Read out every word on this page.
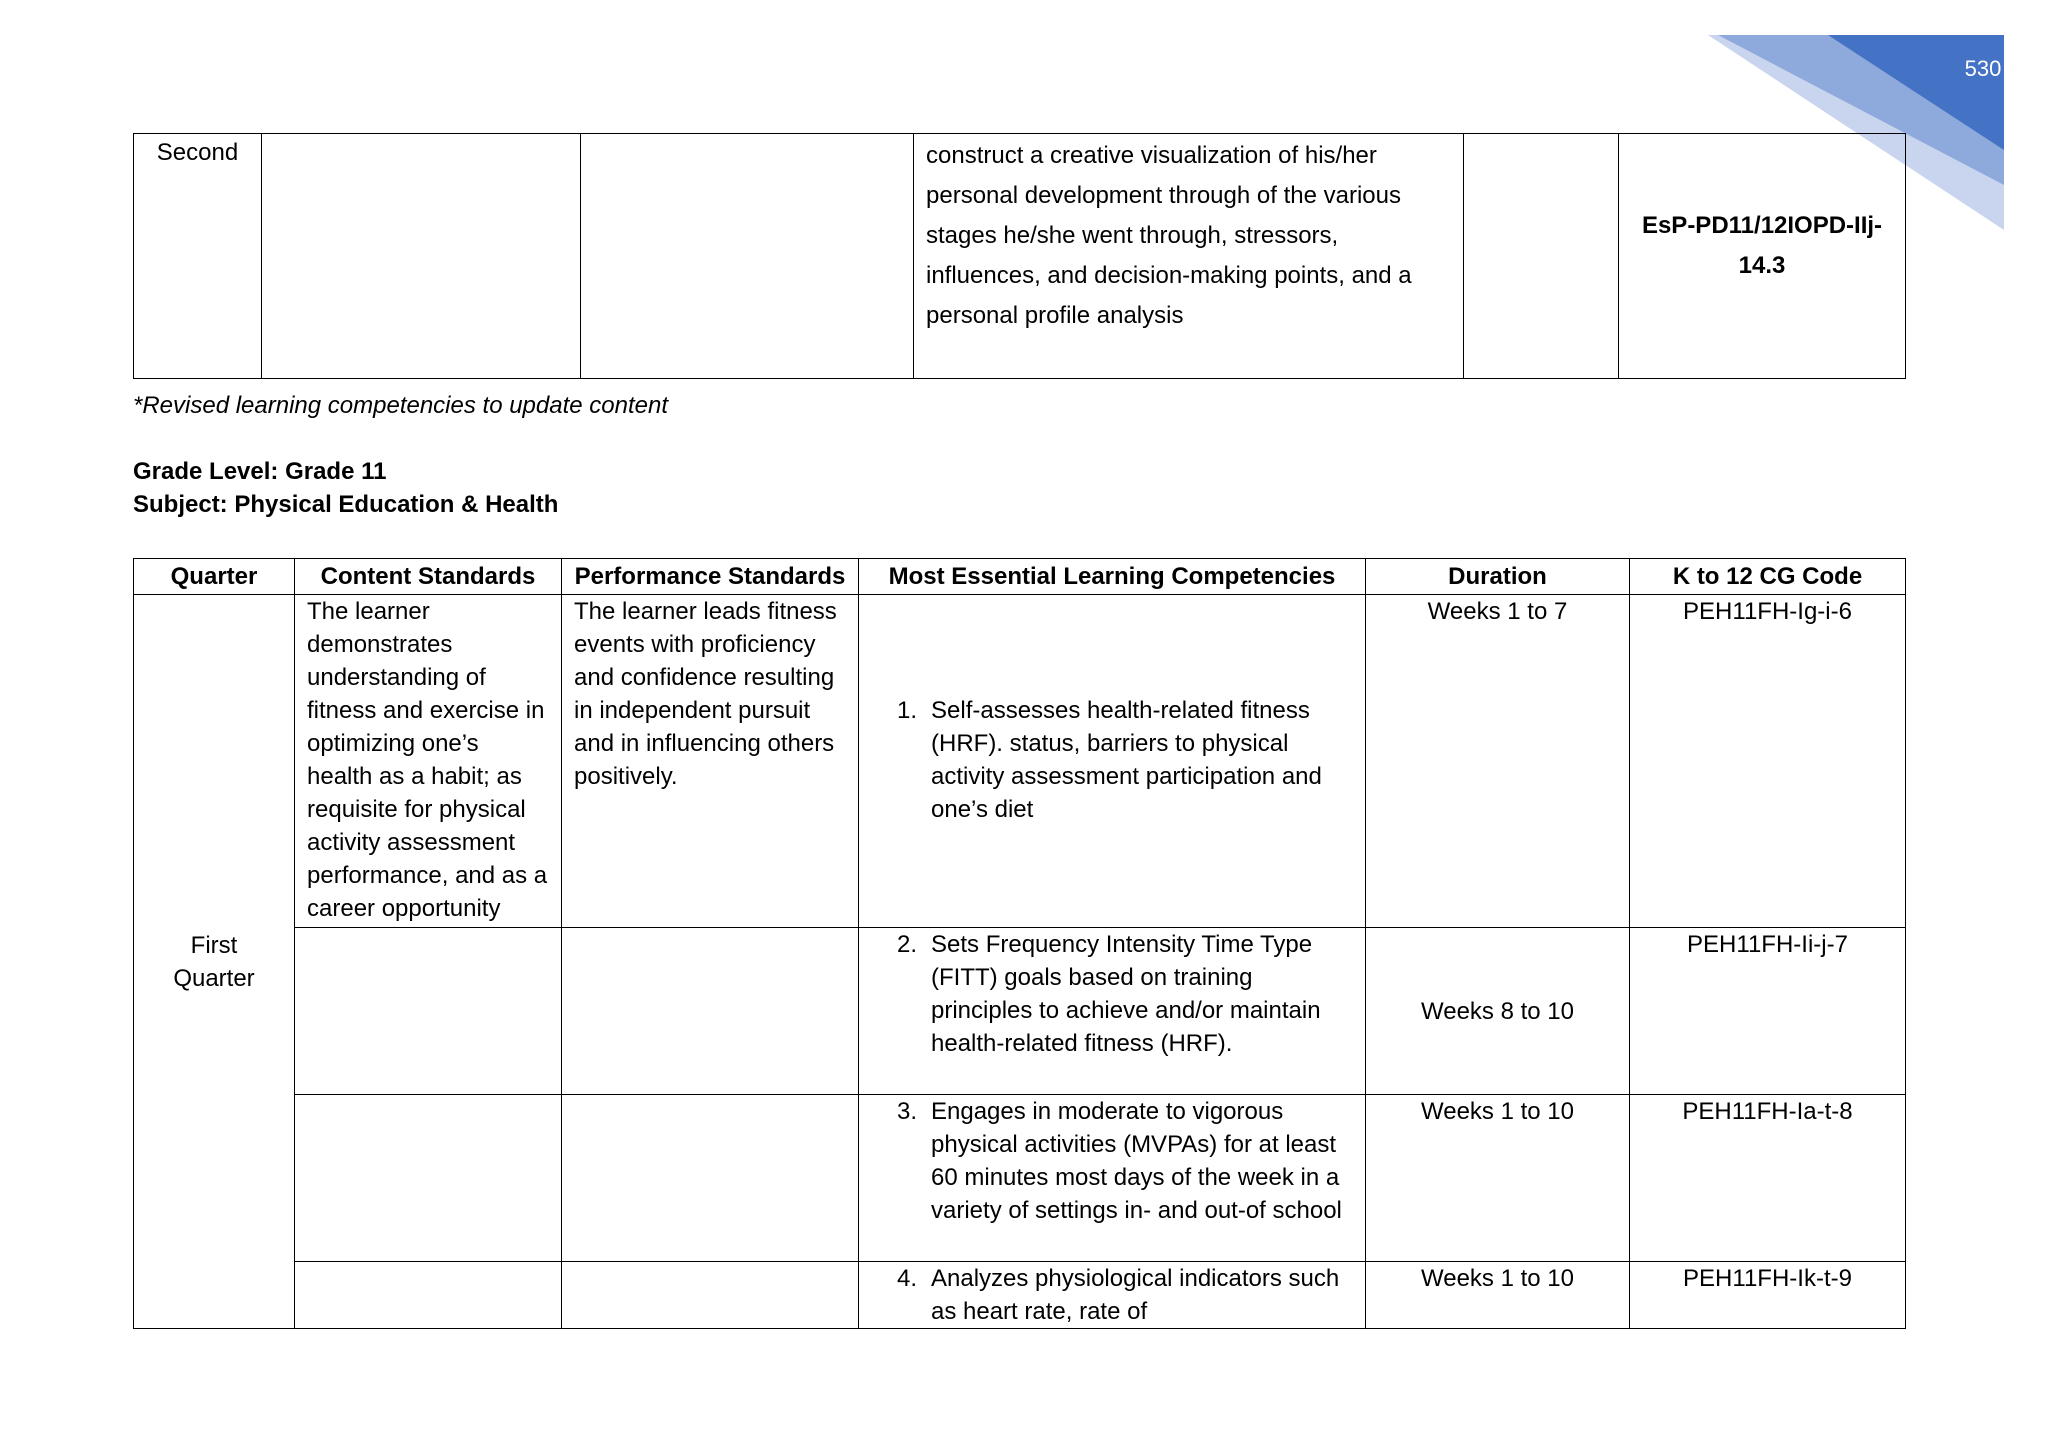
530
Second			construct a creative visualization of his/her personal development through of the various stages he/she went through, stressors, influences, and decision-making points, and a personal profile analysis		EsP-PD11/12IOPD-IIj-14.3
*Revised learning competencies to update content
Grade Level: Grade 11
Subject: Physical Education & Health
Quarter	Content Standards	Performance Standards	Most Essential Learning Competencies	Duration	K to 12 CG Code
First Quarter	The learner demonstrates understanding of fitness and exercise in optimizing one’s health as a habit; as requisite for physical activity assessment performance, and as a career opportunity	The learner leads fitness events with proficiency and confidence resulting in independent pursuit and in influencing others positively.	1. Self-assesses health-related fitness (HRF). status, barriers to physical activity assessment participation and one’s diet	Weeks 1 to 7	PEH11FH-Ig-i-6

			2. Sets Frequency Intensity Time Type (FITT) goals based on training principles to achieve and/or maintain health-related fitness (HRF).	Weeks 8 to 10	PEH11FH-Ii-j-7

			3. Engages in moderate to vigorous physical activities (MVPAs) for at least 60 minutes most days of the week in a variety of settings in- and out-of school	Weeks 1 to 10	PEH11FH-Ia-t-8

			4. Analyzes physiological indicators such as heart rate, rate of	Weeks 1 to 10	PEH11FH-Ik-t-9
